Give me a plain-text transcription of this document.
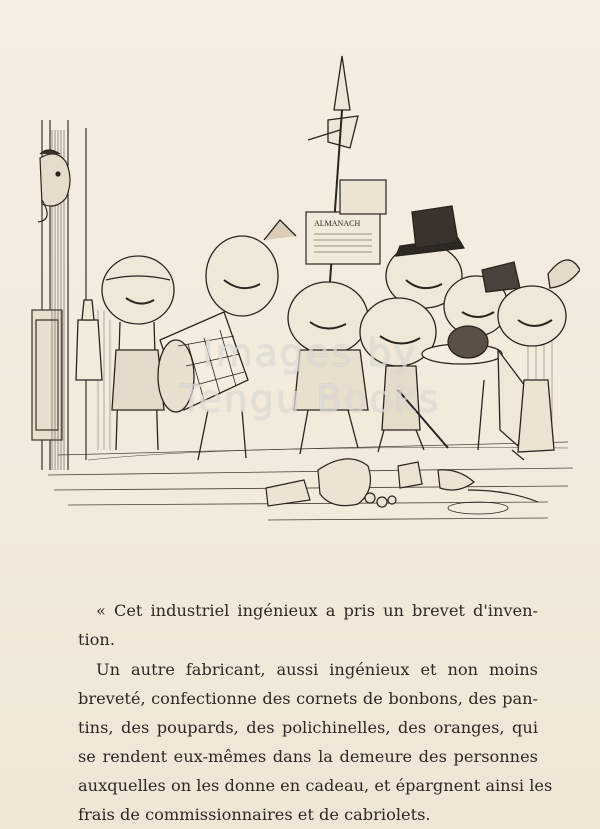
ALMANACH
Images by
Tengu Books
« Cet industriel ingénieux a pris un brevet d'inven-
tion.
Un autre fabricant, aussi ingénieux et non moins
breveté, confectionne des cornets de bonbons, des pan-
tins, des poupards, des polichinelles, des oranges, qui
se rendent eux-mêmes dans la demeure des personnes
auxquelles on les donne en cadeau, et épargnent ainsi les
frais de commissionnaires et de cabriolets.
